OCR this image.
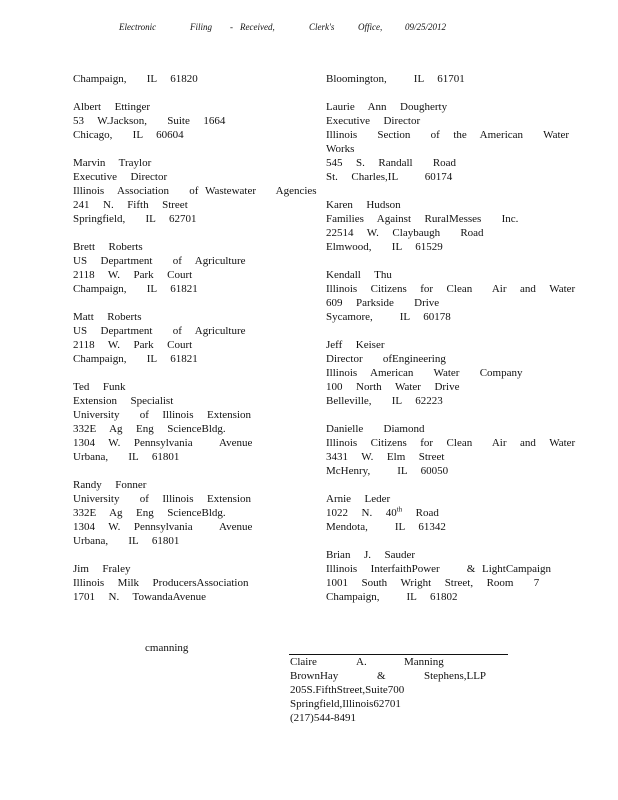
Electronic	Filing - Received,	Clerk's	Office,	09/25/2012
Champaign,   IL  61820
Albert  Ettinger
53  W.Jackson,   Suite  1664
Chicago,   IL  60604
Marvin  Traylor
Executive  Director
Illinois  Association   of Wastewater   Agencies
241  N.  Fifth  Street
Springfield,   IL  62701
Brett  Roberts
US  Department   of  Agriculture
2118  W.  Park  Court
Champaign,   IL  61821
Matt  Roberts
US  Department   of  Agriculture
2118  W.  Park  Court
Champaign,   IL  61821
Ted  Funk
Extension  Specialist
University   of  Illinois  Extension
332E  Ag  Eng  ScienceBldg.
1304  W.  Pennsylvania    Avenue
Urbana,   IL  61801
Randy  Fonner
University   of  Illinois  Extension
332E  Ag  Eng  ScienceBldg.
1304  W.  Pennsylvania    Avenue
Urbana,   IL  61801
Jim  Fraley
Illinois  Milk  ProducersAssociation
1701  N.  TowandaAvenue
Bloomington,    IL  61701
Laurie  Ann  Dougherty
Executive  Director
Illinois   Section   of  the  American   Water
Works
545  S.  Randall   Road
St.  Charles,IL    60174
Karen  Hudson
Families  Against  RuralMesses   Inc.
22514  W.  Claybaugh   Road
Elmwood,   IL  61529
Kendall  Thu
Illinois  Citizens  for  Clean   Air  and  Water
609  Parkside   Drive
Sycamore,    IL  60178
Jeff  Keiser
Director   ofEngineering
Illinois  American   Water   Company
100  North  Water  Drive
Belleville,   IL  62223
Danielle   Diamond
Illinois  Citizens  for  Clean   Air  and  Water
3431  W.  Elm  Street
McHenry,    IL  60050
Arnie  Leder
1022  N.  40th  Road
Mendota,    IL  61342
Brian  J.  Sauder
Illinois  InterfaithPower    & LightCampaign
1001  South  Wright  Street,  Room   7
Champaign,    IL  61802
cmanning
Claire	A.	Manning
BrownHay	&	Stephens,LLP
205S.FifthStreet,Suite700
Springfield,Illinois62701
(217)544-8491
